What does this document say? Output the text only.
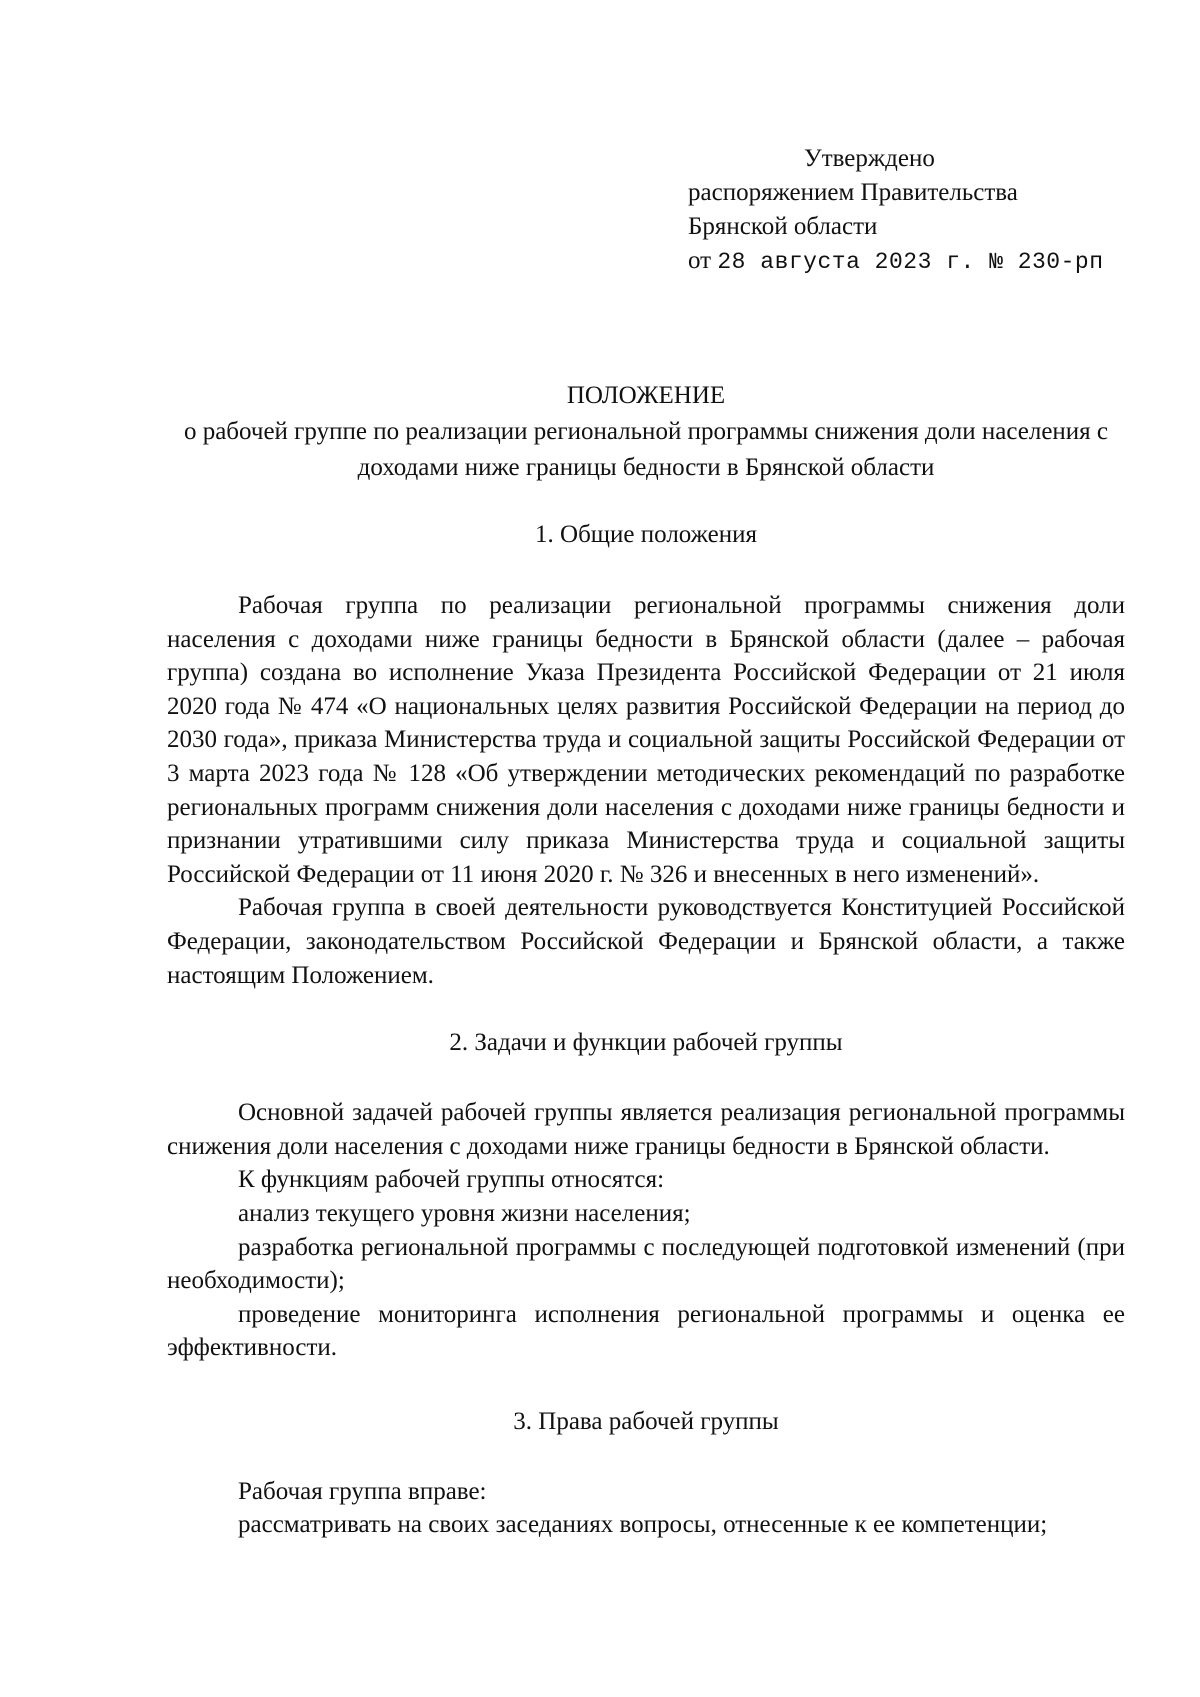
Утверждено
распоряжением Правительства
Брянской области
от 28 августа 2023 г. № 230-рп
ПОЛОЖЕНИЕ
о рабочей группе по реализации региональной программы снижения доли населения с доходами ниже границы бедности в Брянской области
1. Общие положения

Рабочая группа по реализации региональной программы снижения доли населения с доходами ниже границы бедности в Брянской области (далее – рабочая группа) создана во исполнение Указа Президента Российской Федерации от 21 июля 2020 года № 474 «О национальных целях развития Российской Федерации на период до 2030 года», приказа Министерства труда и социальной защиты Российской Федерации от 3 марта 2023 года № 128 «Об утверждении методических рекомендаций по разработке региональных программ снижения доли населения с доходами ниже границы бедности и признании утратившими силу приказа Министерства труда и социальной защиты Российской Федерации от 11 июня 2020 г. № 326 и внесенных в него изменений».

Рабочая группа в своей деятельности руководствуется Конституцией Российской Федерации, законодательством Российской Федерации и Брянской области, а также настоящим Положением.

2. Задачи и функции рабочей группы

Основной задачей рабочей группы является реализация региональной программы снижения доли населения с доходами ниже границы бедности в Брянской области.

К функциям рабочей группы относятся:

анализ текущего уровня жизни населения;

разработка региональной программы с последующей подготовкой изменений (при необходимости);

проведение мониторинга исполнения региональной программы и оценка ее эффективности.

3. Права рабочей группы

Рабочая группа вправе:

рассматривать на своих заседаниях вопросы, отнесенные к ее компетенции;
